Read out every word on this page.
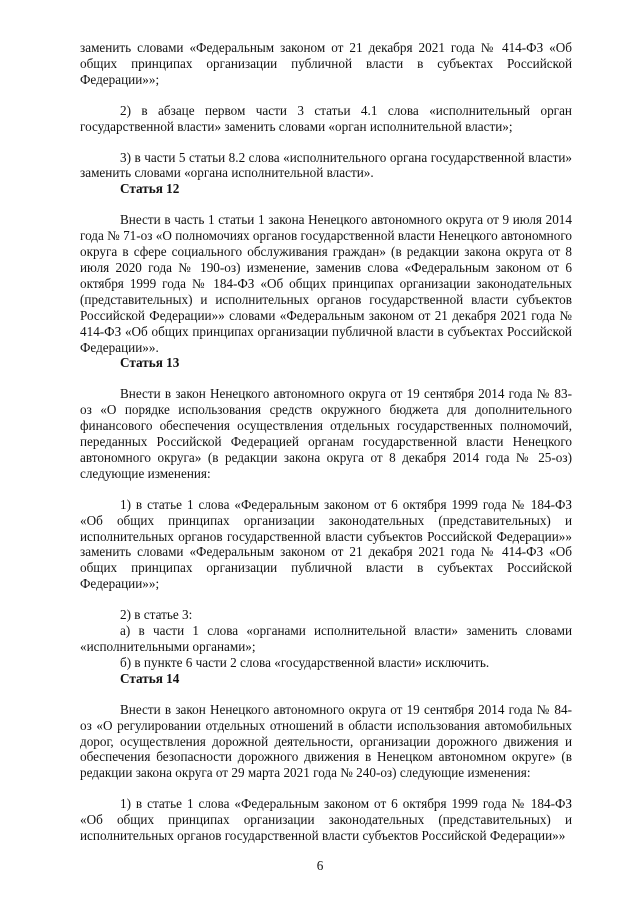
заменить словами «Федеральным законом от 21 декабря 2021 года № 414-ФЗ «Об общих принципах организации публичной власти в субъектах Российской Федерации»»;

2) в абзаце первом части 3 статьи 4.1 слова «исполнительный орган государственной власти» заменить словами «орган исполнительной власти»;

3) в части 5 статьи 8.2 слова «исполнительного органа государственной власти» заменить словами «органа исполнительной власти».

Статья 12

Внести в часть 1 статьи 1 закона Ненецкого автономного округа от 9 июля 2014 года № 71-оз «О полномочиях органов государственной власти Ненецкого автономного округа в сфере социального обслуживания граждан» (в редакции закона округа от 8 июля 2020 года № 190-оз) изменение, заменив слова «Федеральным законом от 6 октября 1999 года № 184-ФЗ «Об общих принципах организации законодательных (представительных) и исполнительных органов государственной власти субъектов Российской Федерации»» словами «Федеральным законом от 21 декабря 2021 года № 414-ФЗ «Об общих принципах организации публичной власти в субъектах Российской Федерации»».

Статья 13

Внести в закон Ненецкого автономного округа от 19 сентября 2014 года № 83-оз «О порядке использования средств окружного бюджета для дополнительного финансового обеспечения осуществления отдельных государственных полномочий, переданных Российской Федерацией органам государственной власти Ненецкого автономного округа» (в редакции закона округа от 8 декабря 2014 года № 25-оз) следующие изменения:

1) в статье 1 слова «Федеральным законом от 6 октября 1999 года № 184-ФЗ «Об общих принципах организации законодательных (представительных) и исполнительных органов государственной власти субъектов Российской Федерации»» заменить словами «Федеральным законом от 21 декабря 2021 года № 414-ФЗ «Об общих принципах организации публичной власти в субъектах Российской Федерации»»;

2) в статье 3:

а) в части 1 слова «органами исполнительной власти» заменить словами «исполнительными органами»;

б) в пункте 6 части 2 слова «государственной власти» исключить.

Статья 14

Внести в закон Ненецкого автономного округа от 19 сентября 2014 года № 84-оз «О регулировании отдельных отношений в области использования автомобильных дорог, осуществления дорожной деятельности, организации дорожного движения и обеспечения безопасности дорожного движения в Ненецком автономном округе» (в редакции закона округа от 29 марта 2021 года № 240-оз) следующие изменения:

1) в статье 1 слова «Федеральным законом от 6 октября 1999 года № 184-ФЗ «Об общих принципах организации законодательных (представительных) и исполнительных органов государственной власти субъектов Российской Федерации»»

6
